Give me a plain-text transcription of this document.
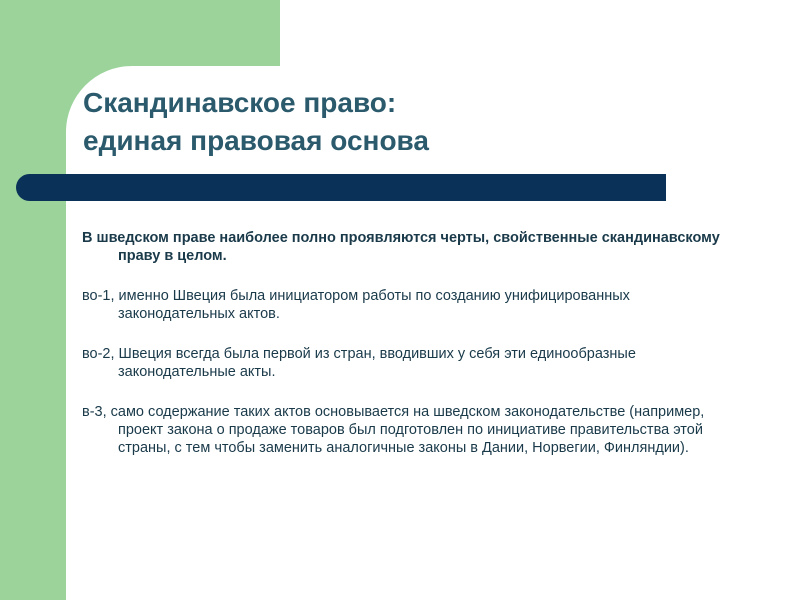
Скандинавское право:
единая правовая основа

В шведском праве наиболее полно проявляются черты, свойственные скандинавскому праву в целом.

во-1, именно Швеция была инициатором работы по созданию унифицированных законодательных актов.

во-2, Швеция всегда была первой из стран, вводивших у себя эти единообразные законодательные акты.

в-3, само содержание таких актов основывается на шведском законодательстве (например, проект закона о продаже товаров был подготовлен по инициативе правительства этой страны, с тем чтобы заменить аналогичные законы в Дании, Норвегии, Финляндии).
